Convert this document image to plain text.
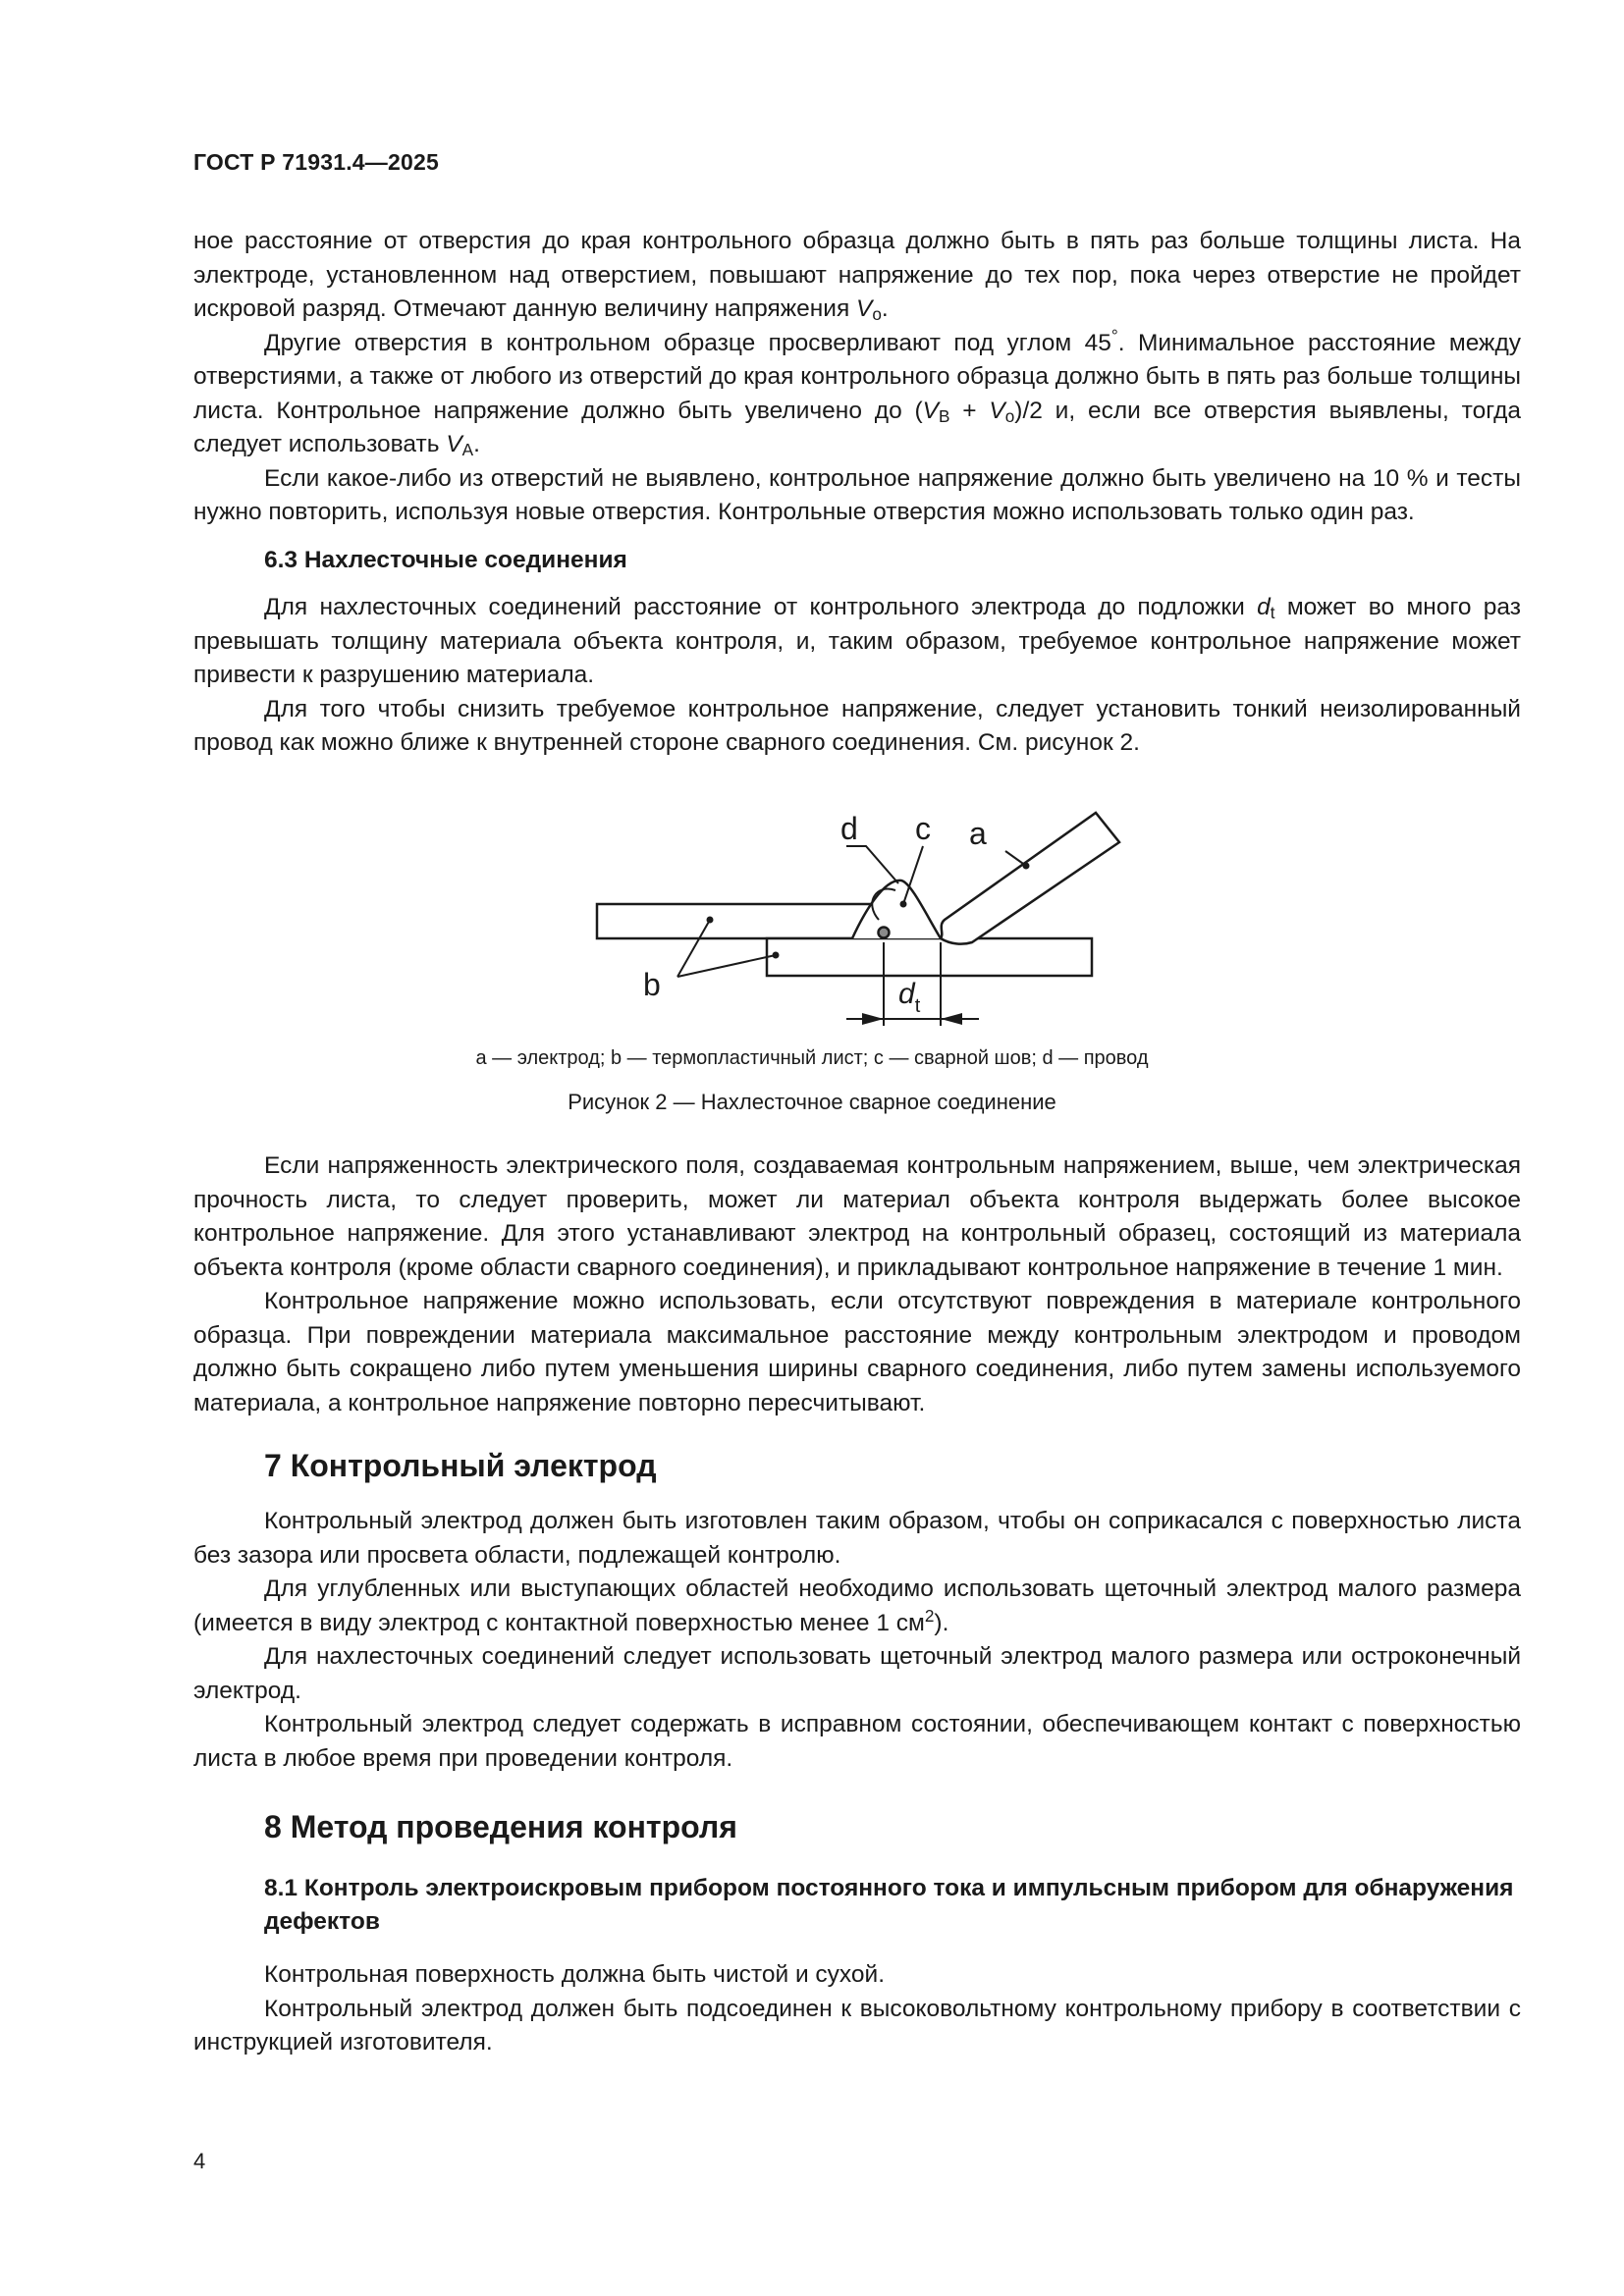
ГОСТ Р 71931.4—2025

ное расстояние от отверстия до края контрольного образца должно быть в пять раз больше толщины листа. На электроде, установленном над отверстием, повышают напряжение до тех пор, пока через отверстие не пройдет искровой разряд. Отмечают данную величину напряжения $V_o$.

Другие отверстия в контрольном образце просверливают под углом 45°. Минимальное расстояние между отверстиями, а также от любого из отверстий до края контрольного образца должно быть в пять раз больше толщины листа. Контрольное напряжение должно быть увеличено до $(V_B + V_o)/2$ и, если все отверстия выявлены, тогда следует использовать $V_A$.

Если какое-либо из отверстий не выявлено, контрольное напряжение должно быть увеличено на 10 % и тесты нужно повторить, используя новые отверстия. Контрольные отверстия можно использовать только один раз.

6.3 Нахлесточные соединения

Для нахлесточных соединений расстояние от контрольного электрода до подложки $d_t$ может во много раз превышать толщину материала объекта контроля, и, таким образом, требуемое контрольное напряжение может привести к разрушению материала.

Для того чтобы снизить требуемое контрольное напряжение, следует установить тонкий неизолированный провод как можно ближе к внутренней стороне сварного соединения. См. рисунок 2.

d c a
b	$d_t$
a — электрод; b — термопластичный лист; c — сварной шов; d — провод
Рисунок 2 — Нахлесточное сварное соединение

Если напряженность электрического поля, создаваемая контрольным напряжением, выше, чем электрическая прочность листа, то следует проверить, может ли материал объекта контроля выдержать более высокое контрольное напряжение. Для этого устанавливают электрод на контрольный образец, состоящий из материала объекта контроля (кроме области сварного соединения), и прикладывают контрольное напряжение в течение 1 мин.

Контрольное напряжение можно использовать, если отсутствуют повреждения в материале контрольного образца. При повреждении материала максимальное расстояние между контрольным электродом и проводом должно быть сокращено либо путем уменьшения ширины сварного соединения, либо путем замены используемого материала, а контрольное напряжение повторно пересчитывают.

7 Контрольный электрод

Контрольный электрод должен быть изготовлен таким образом, чтобы он соприкасался с поверхностью листа без зазора или просвета области, подлежащей контролю.

Для углубленных или выступающих областей необходимо использовать щеточный электрод малого размера (имеется в виду электрод с контактной поверхностью менее 1 $см^2$).

Для нахлесточных соединений следует использовать щеточный электрод малого размера или остроконечный электрод.

Контрольный электрод следует содержать в исправном состоянии, обеспечивающем контакт с поверхностью листа в любое время при проведении контроля.

8 Метод проведения контроля

8.1 Контроль электроискровым прибором постоянного тока и импульсным прибором для обнаружения дефектов

Контрольная поверхность должна быть чистой и сухой.

Контрольный электрод должен быть подсоединен к высоковольтному контрольному прибору в соответствии с инструкцией изготовителя.

4
